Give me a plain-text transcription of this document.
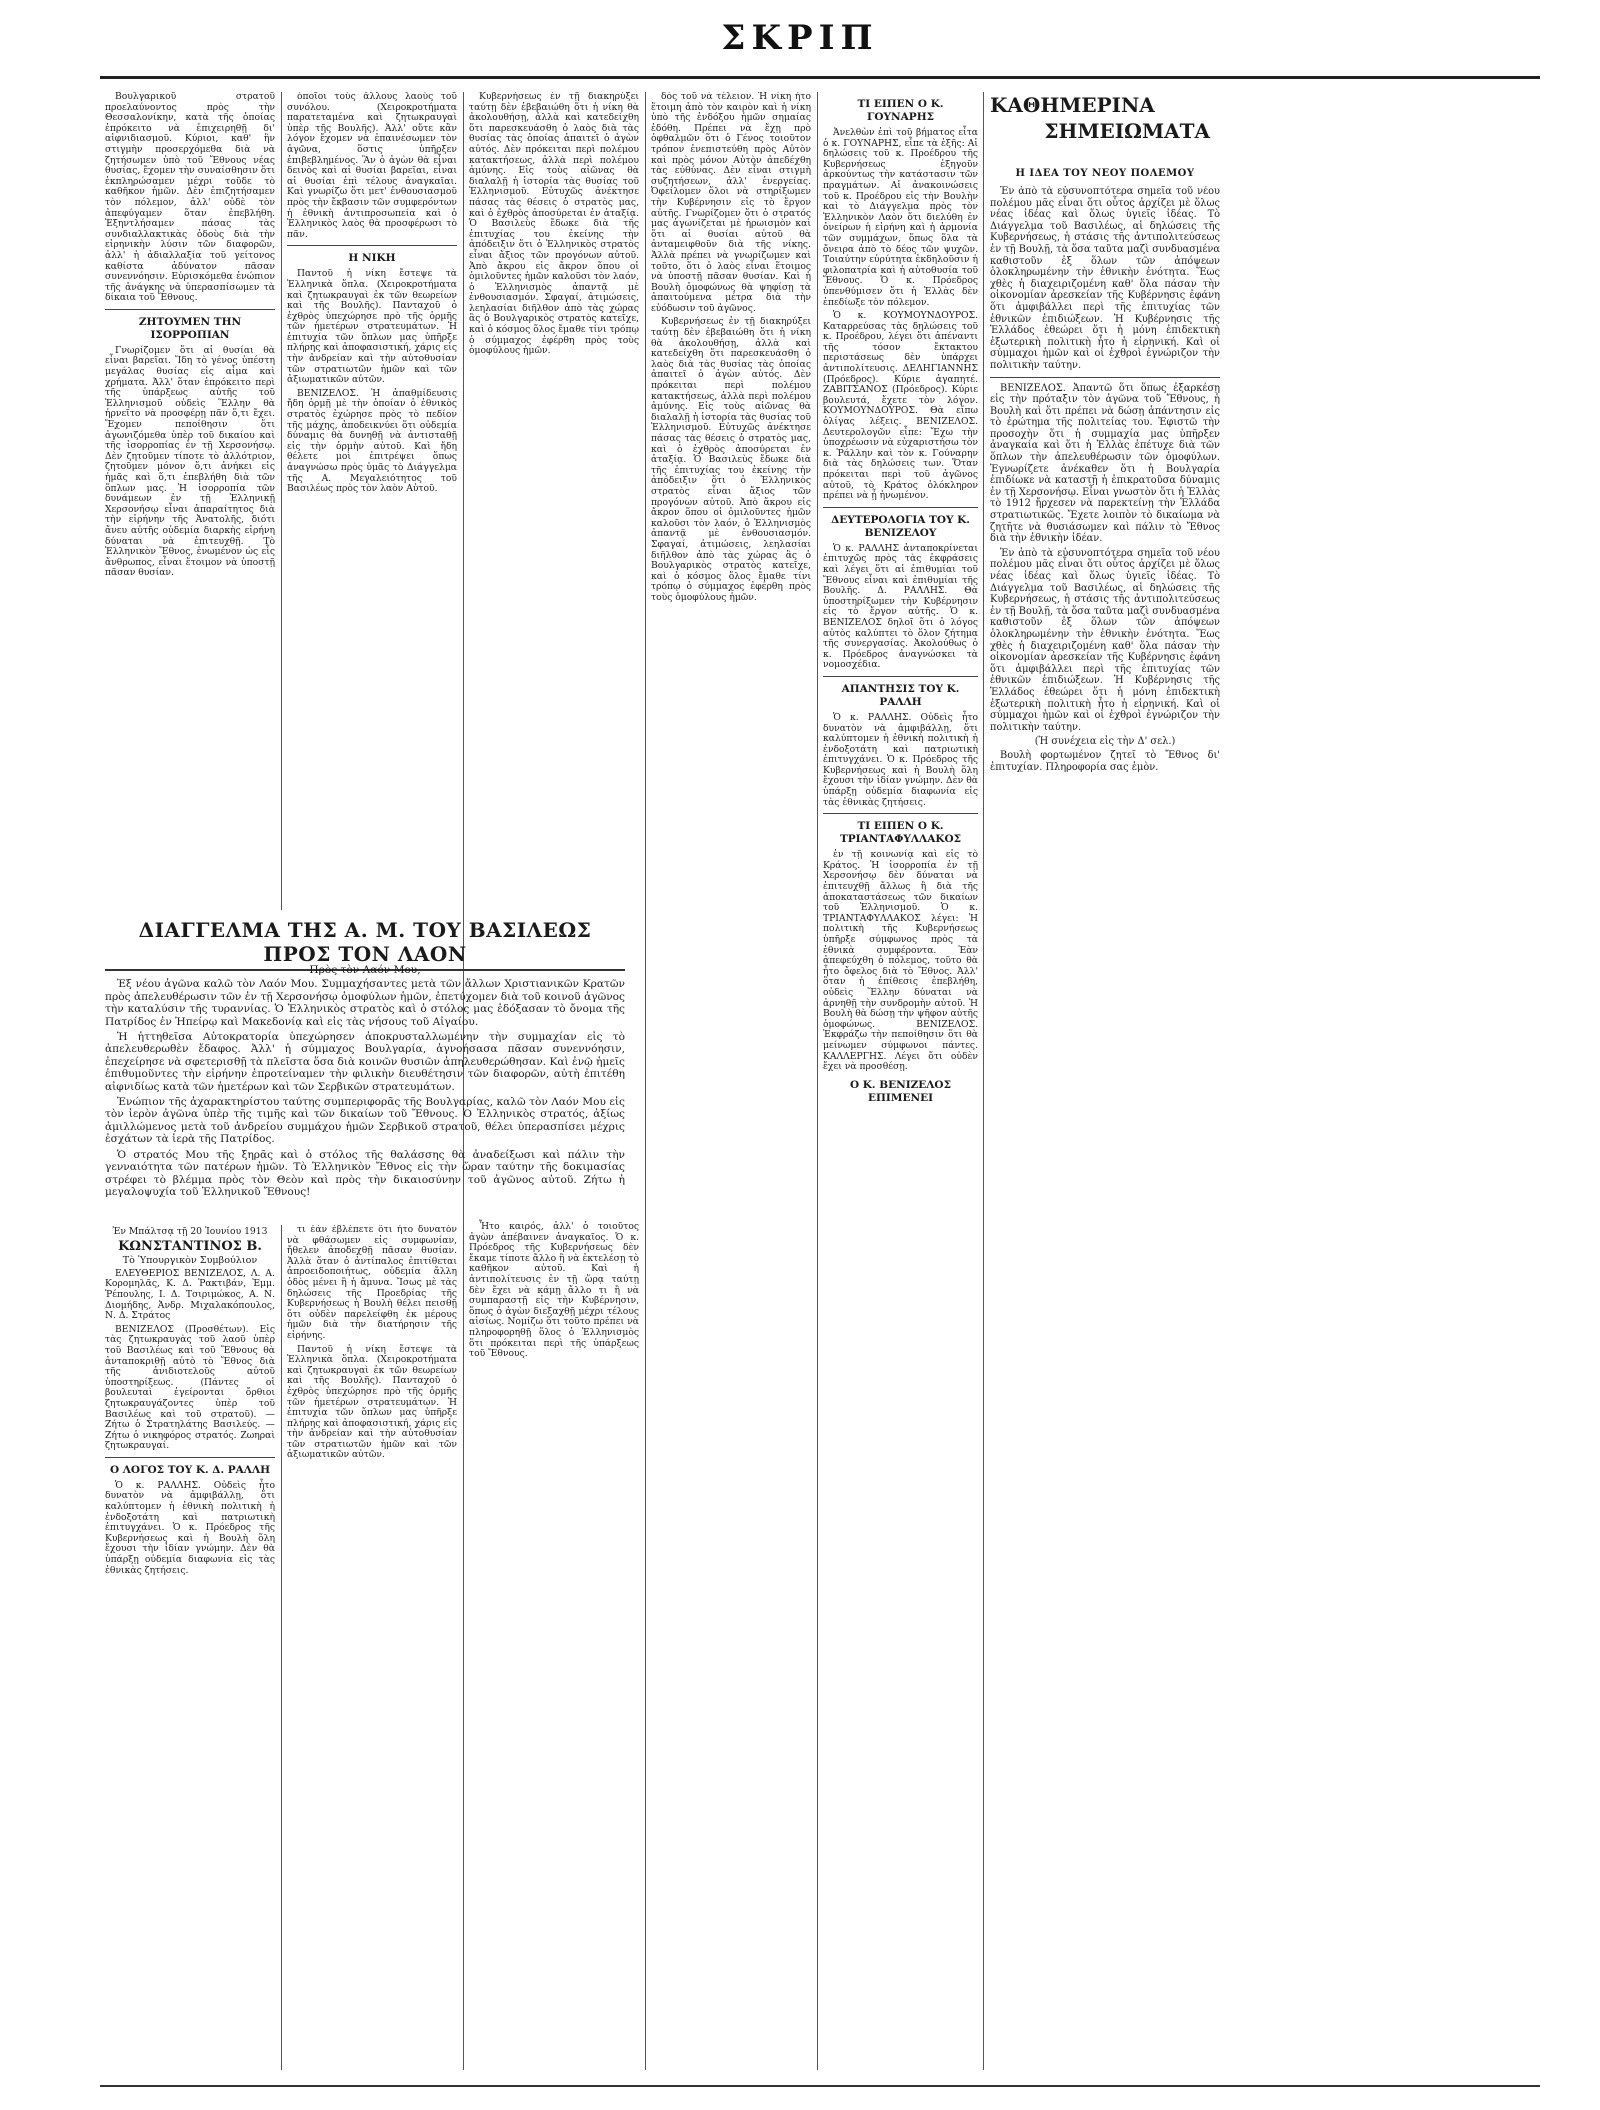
ΣΚΡΙΠ

Βουλγαρικοῦ στρατοῦ προελαύνοντος πρὸς τὴν Θεσσαλονίκην, κατὰ τῆς ὁποίας ἐπρόκειτο νὰ ἐπιχειρηθῇ δι' αἰφνιδιασμοῦ. Κύριοι, καθ' ἣν στιγμὴν προσερχόμεθα διὰ νὰ ζητήσωμεν ὑπὸ τοῦ Ἔθνους νέας θυσίας, ἔχομεν τὴν συναίσθησιν ὅτι ἐκπληρώσαμεν μέχρι τοῦδε τὸ καθῆκον ἡμῶν. Δὲν ἐπιζητήσαμεν τὸν πόλεμον, ἀλλ' οὐδὲ τὸν ἀπεφύγαμεν ὅταν ἐπεβλήθη. Ἐξηντλήσαμεν πάσας τὰς συνδιαλλακτικὰς ὁδοὺς διὰ τὴν εἰρηνικὴν λύσιν τῶν διαφορῶν, ἀλλ' ἡ ἀδιαλλαξία τοῦ γείτονος καθίστα ἀδύνατον πᾶσαν συνεννόησιν. Εὑρισκόμεθα ἐνώπιον τῆς ἀνάγκης νὰ ὑπερασπίσωμεν τὰ δίκαια τοῦ Ἔθνους.

ΖΗΤΟΥΜΕΝ ΤΗΝ ΙΣΟΡΡΟΠΙΑΝ

Γνωρίζομεν ὅτι αἱ θυσίαι θὰ εἶναι βαρεῖαι. Ἴδη τὸ γένος ὑπέστη μεγάλας θυσίας εἰς αἷμα καὶ χρήματα. Ἀλλ' ὅταν ἐπρόκειτο περὶ τῆς ὑπάρξεως αὐτῆς τοῦ Ἑλληνισμοῦ οὐδεὶς Ἕλλην θὰ ἠρνεῖτο νὰ προσφέρῃ πᾶν ὅ,τι ἔχει. Ἔχομεν πεποίθησιν ὅτι ἀγωνιζόμεθα ὑπὲρ τοῦ δικαίου καὶ τῆς ἰσορροπίας ἐν τῇ Χερσονήσῳ. Δὲν ζητοῦμεν τίποτε τὸ ἀλλότριον, ζητοῦμεν μόνον ὅ,τι ἀνήκει εἰς ἡμᾶς καὶ ὅ,τι ἐπεβλήθη διὰ τῶν ὅπλων μας. Ἡ ἰσορροπία τῶν δυνάμεων ἐν τῇ Ἑλληνικῇ Χερσονήσῳ εἶναι ἀπαραίτητος διὰ τὴν εἰρήνην τῆς Ἀνατολῆς, διότι ἄνευ αὐτῆς οὐδεμία διαρκὴς εἰρήνη δύναται νὰ ἐπιτευχθῇ. Τὸ Ἑλληνικὸν Ἔθνος, ἑνωμένον ὡς εἷς ἄνθρωπος, εἶναι ἕτοιμον νὰ ὑποστῇ πᾶσαν θυσίαν.

ὁποῖοι τοὺς ἄλλους λαοὺς τοῦ συνόλου. (Χειροκροτήματα παρατεταμένα καὶ ζητωκραυγαὶ ὑπὲρ τῆς Βουλῆς). Ἀλλ' οὔτε κἂν λόγον ἔχομεν νὰ ἐπαινέσωμεν τὸν ἀγῶνα, ὅστις ὑπῆρξεν ἐπιβεβλημένος. Ἂν ὁ ἀγὼν θὰ εἶναι δεινὸς καὶ αἱ θυσίαι βαρεῖαι, εἶναι αἱ θυσίαι ἐπὶ τέλους ἀναγκαῖαι. Καὶ γνωρίζω ὅτι μετ' ἐνθουσιασμοῦ πρὸς τὴν ἔκβασιν τῶν συμφερόντων ἡ ἐθνικὴ ἀντιπροσωπεία καὶ ὁ Ἑλληνικὸς λαὸς θὰ προσφέρωσι τὸ πᾶν.

Η ΝΙΚΗ

Παντοῦ ἡ νίκη ἔστεψε τὰ Ἑλληνικὰ ὅπλα. (Χειροκροτήματα καὶ ζητωκραυγαὶ ἐκ τῶν θεωρείων καὶ τῆς Βουλῆς). Πανταχοῦ ὁ ἐχθρὸς ὑπεχώρησε πρὸ τῆς ὁρμῆς τῶν ἡμετέρων στρατευμάτων. Ἡ ἐπιτυχία τῶν ὅπλων μας ὑπῆρξε πλήρης καὶ ἀποφασιστική, χάρις εἰς τὴν ἀνδρείαν καὶ τὴν αὐτοθυσίαν τῶν στρατιωτῶν ἡμῶν καὶ τῶν ἀξιωματικῶν αὐτῶν.

ΒΕΝΙΖΕΛΟΣ. Ἡ ἀπαθμίδευσις ἤδη ὁρμῇ μὲ τὴν ὁποίαν ὁ ἐθνικὸς στρατὸς ἐχώρησε πρὸς τὸ πεδίον τῆς μάχης, ἀποδεικνύει ὅτι οὐδεμία δύναμις θὰ δυνηθῇ νὰ ἀντισταθῇ εἰς τὴν ὁρμὴν αὐτοῦ. Καὶ ἤδη θέλετε μοὶ ἐπιτρέψει ὅπως ἀναγνώσω πρὸς ὑμᾶς τὸ Διάγγελμα τῆς Α. Μεγαλειότητος τοῦ Βασιλέως πρὸς τὸν λαὸν Αὐτοῦ.

ΔΙΑΓΓΕΛΜΑ ΤΗΣ Α. Μ. ΤΟΥ ΒΑΣΙΛΕΩΣ ΠΡΟΣ ΤΟΝ ΛΑΟΝ
Πρὸς τὸν Λαόν Μου,

Ἐξ νέου ἀγῶνα καλῶ τὸν Λαόν Μου. Συμμαχήσαντες μετὰ τῶν ἄλλων Χριστιανικῶν Κρατῶν πρὸς ἀπελευθέρωσιν τῶν ἐν τῇ Χερσονήσῳ ὁμοφύλων ἡμῶν, ἐπετύχομεν διὰ τοῦ κοινοῦ ἀγῶνος τὴν καταλύσιν τῆς τυραννίας. Ὁ Ἑλληνικὸς στρατὸς καὶ ὁ στόλος μας ἐδόξασαν τὸ ὄνομα τῆς Πατρίδος ἐν Ἠπείρῳ καὶ Μακεδονίᾳ καὶ εἰς τὰς νήσους τοῦ Αἰγαίου.

Ἡ ἡττηθεῖσα Αὐτοκρατορία ὑπεχώρησεν ἀποκρυσταλλωμένην τὴν συμμαχίαν εἰς τὸ ἀπελευθερωθὲν ἔδαφος. Ἀλλ' ἡ σύμμαχος Βουλγαρία, ἀγνοήσασα πᾶσαν συνεννόησιν, ἐπεχείρησε νὰ σφετερισθῇ τὰ πλεῖστα ὅσα διὰ κοινῶν θυσιῶν ἀπηλευθερώθησαν. Καὶ ἐνῷ ἡμεῖς ἐπιθυμοῦντες τὴν εἰρήνην ἐπροτείναμεν τὴν φιλικὴν διευθέτησιν τῶν διαφορῶν, αὐτὴ ἐπιτέθη αἰφνιδίως κατὰ τῶν ἡμετέρων καὶ τῶν Σερβικῶν στρατευμάτων.

Ἐνώπιον τῆς ἀχαρακτηρίστου ταύτης συμπεριφορᾶς τῆς Βουλγαρίας, καλῶ τὸν Λαόν Μου εἰς τὸν ἱερὸν ἀγῶνα ὑπὲρ τῆς τιμῆς καὶ τῶν δικαίων τοῦ Ἔθνους. Ὁ Ἑλληνικὸς στρατός, ἀξίως ἀμιλλώμενος μετὰ τοῦ ἀνδρείου συμμάχου ἡμῶν Σερβικοῦ στρατοῦ, θέλει ὑπερασπίσει μέχρις ἐσχάτων τὰ ἱερὰ τῆς Πατρίδος.

Ὁ στρατός Μου τῆς ξηρᾶς καὶ ὁ στόλος τῆς θαλάσσης θὰ ἀναδείξωσι καὶ πάλιν τὴν γενναιότητα τῶν πατέρων ἡμῶν. Τὸ Ἑλληνικὸν Ἔθνος εἰς τὴν ὥραν ταύτην τῆς δοκιμασίας στρέφει τὸ βλέμμα πρὸς τὸν Θεὸν καὶ πρὸς τὴν δικαιοσύνην τοῦ ἀγῶνος αὐτοῦ. Ζήτω ἡ μεγαλοψυχία τοῦ Ἑλληνικοῦ Ἔθνους!

Ἐν Μπάλτσᾳ τῇ 20 Ἰουνίου 1913
ΚΩΝΣΤΑΝΤΙΝΟΣ Β.
Τὸ Ὑπουργικὸν Συμβούλιον

ΕΛΕΥΘΕΡΙΟΣ ΒΕΝΙΖΕΛΟΣ, Λ. Α. Κορομηλᾶς, Κ. Δ. Ῥακτιβάν, Ἐμμ. Ῥέπουλης, Ι. Δ. Τσιριμώκος, Α. Ν. Διομήδης, Ἀνδρ. Μιχαλακόπουλος, Ν. Δ. Στράτος

ΒΕΝΙΖΕΛΟΣ (Προσθέτων). Εἰς τὰς ζητωκραυγὰς τοῦ λαοῦ ὑπὲρ τοῦ Βασιλέως καὶ τοῦ Ἔθνους θὰ ἀνταποκριθῇ αὐτὸ τὸ Ἔθνος διὰ τῆς ἀνιδιοτελοῦς αὐτοῦ ὑποστηρίξεως. (Πάντες οἱ βουλευταὶ ἐγείρονται ὄρθιοι ζητωκραυγάζοντες ὑπὲρ τοῦ Βασιλέως καὶ τοῦ στρατοῦ). — Ζήτω ὁ Στρατηλάτης Βασιλεύς. — Ζήτω ὁ νικηφόρος στρατός. Ζωηραὶ ζητωκραυγαί.

Ο ΛΟΓΟΣ ΤΟΥ Κ. Δ. ΡΑΛΛΗ

Ὁ κ. ΡΑΛΛΗΣ. Οὐδεὶς ἦτο δυνατὸν νὰ ἀμφιβάλλῃ, ὅτι καλύπτομεν ἡ ἐθνικὴ πολιτικὴ ἡ ἐνδοξοτάτη καὶ πατριωτικὴ ἐπιτυγχάνει. Ὁ κ. Πρόεδρος τῆς Κυβερνήσεως καὶ ἡ Βουλὴ ὅλη ἔχουσι τὴν ἰδίαν γνώμην. Δὲν θὰ ὑπάρξῃ οὐδεμία διαφωνία εἰς τὰς ἐθνικὰς ζητήσεις.

τι ἐάν ἐβλέπετε ὅτι ἦτο δυνατὸν νὰ φθάσωμεν εἰς συμφωνίαν, ἤθελεν ἀποδεχθῇ πᾶσαν θυσίαν. Ἀλλὰ ὅταν ὁ ἀντίπαλος ἐπιτίθεται ἀπροειδοποιήτως, οὐδεμία ἄλλη ὁδὸς μένει ἢ ἡ ἄμυνα. Ἴσως μὲ τὰς δηλώσεις τῆς Προεδρίας τῆς Κυβερνήσεως ἡ Βουλὴ θέλει πεισθῇ ὅτι οὐδὲν παρελείφθη ἐκ μέρους ἡμῶν διὰ τὴν διατήρησιν τῆς εἰρήνης.

Παντοῦ ἡ νίκη ἔστεψε τὰ Ἑλληνικὰ ὅπλα. (Χειροκροτήματα καὶ ζητωκραυγαὶ ἐκ τῶν θεωρείων καὶ τῆς Βουλῆς). Πανταχοῦ ὁ ἐχθρὸς ὑπεχώρησε πρὸ τῆς ὁρμῆς τῶν ἡμετέρων στρατευμάτων. Ἡ ἐπιτυχία τῶν ὅπλων μας ὑπῆρξε πλήρης καὶ ἀποφασιστική, χάρις εἰς τὴν ἀνδρείαν καὶ τὴν αὐτοθυσίαν τῶν στρατιωτῶν ἡμῶν καὶ τῶν ἀξιωματικῶν αὐτῶν.

Κυβερνήσεως ἐν τῇ διακηρύξει ταύτῃ δὲν ἐβεβαιώθη ὅτι ἡ νίκη θὰ ἀκολουθήσῃ, ἀλλὰ καὶ κατεδείχθη ὅτι παρεσκευάσθη ὁ λαὸς διὰ τὰς θυσίας τὰς ὁποίας ἀπαιτεῖ ὁ ἀγὼν αὐτός. Δὲν πρόκειται περὶ πολέμου κατακτήσεως, ἀλλὰ περὶ πολέμου ἀμύνης. Εἰς τοὺς αἰῶνας θὰ διαλαλῇ ἡ ἱστορία τὰς θυσίας τοῦ Ἑλληνισμοῦ. Εὐτυχῶς ἀνέκτησε πάσας τὰς θέσεις ὁ στρατὸς μας, καὶ ὁ ἐχθρὸς ἀποσύρεται ἐν ἀταξίᾳ. Ὁ Βασιλεὺς ἔδωκε διὰ τῆς ἐπιτυχίας του ἐκείνης τὴν ἀπόδειξιν ὅτι ὁ Ἑλληνικὸς στρατὸς εἶναι ἄξιος τῶν προγόνων αὐτοῦ. Ἀπὸ ἄκρου εἰς ἄκρον ὅπου οἱ ὁμιλοῦντες ἡμῶν καλοῦσι τὸν λαόν, ὁ Ἑλληνισμὸς ἀπαντᾷ μὲ ἐνθουσιασμόν. Σφαγαί, ἀτιμώσεις, λεηλασίαι διῆλθον ἀπὸ τὰς χώρας ἃς ὁ Βουλγαρικὸς στρατὸς κατεῖχε, καὶ ὁ κόσμος ὅλος ἔμαθε τίνι τρόπῳ ὁ σύμμαχος ἐφέρθη πρὸς τοὺς ὁμοφύλους ἡμῶν.

Ἦτο καιρός, ἀλλ' ὁ τοιοῦτος ἀγὼν ἀπέβαινεν ἀναγκαῖος. Ὁ κ. Πρόεδρος τῆς Κυβερνήσεως δὲν ἔκαμε τίποτε ἄλλο ἢ νὰ ἐκτελέσῃ τὸ καθῆκον αὐτοῦ. Καὶ ἡ ἀντιπολίτευσις ἐν τῇ ὥρᾳ ταύτῃ δὲν ἔχει νὰ κάμῃ ἄλλο τι ἢ νὰ συμπαραστῇ εἰς τὴν Κυβέρνησιν, ὅπως ὁ ἀγὼν διεξαχθῇ μέχρι τέλους αἰσίως. Νομίζω ὅτι τοῦτο πρέπει νὰ πληροφορηθῇ ὅλος ὁ Ἑλληνισμὸς ὅτι πρόκειται περὶ τῆς ὑπάρξεως τοῦ Ἔθνους.

δὸς τοῦ νὰ τέλειον. Ἡ νίκη ἦτο ἕτοιμη ἀπὸ τὸν καιρὸν καὶ ἡ νίκη ὑπὸ τῆς ἐνδόξου ἡμῶν σημαίας ἐδόθη. Πρέπει νὰ ἔχῃ πρὸ ὀφθαλμῶν ὅτι ὁ Γένος τοιοῦτον τρόπον ἐνεπιστεύθη πρὸς Αὐτὸν καὶ πρὸς μόνον Αὐτὸν ἀπεδέχθη τὰς εὐθύνας. Δὲν εἶναι στιγμὴ συζητήσεων, ἀλλ' ἐνεργείας. Ὀφείλομεν ὅλοι νὰ στηρίξωμεν τὴν Κυβέρνησιν εἰς τὸ ἔργον αὐτῆς. Γνωρίζομεν ὅτι ὁ στρατός μας ἀγωνίζεται μὲ ἡρωισμὸν καὶ ὅτι αἱ θυσίαι αὐτοῦ θὰ ἀνταμειφθοῦν διὰ τῆς νίκης. Ἀλλὰ πρέπει νὰ γνωρίζωμεν καὶ τοῦτο, ὅτι ὁ λαὸς εἶναι ἕτοιμος νὰ ὑποστῇ πᾶσαν θυσίαν. Καὶ ἡ Βουλὴ ὁμοφώνως θὰ ψηφίσῃ τὰ ἀπαιτούμενα μέτρα διὰ τὴν εὐόδωσιν τοῦ ἀγῶνος.

Κυβερνήσεως ἐν τῇ διακηρύξει ταύτῃ δὲν ἐβεβαιώθη ὅτι ἡ νίκη θὰ ἀκολουθήσῃ, ἀλλὰ καὶ κατεδείχθη ὅτι παρεσκευάσθη ὁ λαὸς διὰ τὰς θυσίας τὰς ὁποίας ἀπαιτεῖ ὁ ἀγὼν αὐτός. Δὲν πρόκειται περὶ πολέμου κατακτήσεως, ἀλλὰ περὶ πολέμου ἀμύνης. Εἰς τοὺς αἰῶνας θὰ διαλαλῇ ἡ ἱστορία τὰς θυσίας τοῦ Ἑλληνισμοῦ. Εὐτυχῶς ἀνέκτησε πάσας τὰς θέσεις ὁ στρατὸς μας, καὶ ὁ ἐχθρὸς ἀποσύρεται ἐν ἀταξίᾳ. Ὁ Βασιλεὺς ἔδωκε διὰ τῆς ἐπιτυχίας του ἐκείνης τὴν ἀπόδειξιν ὅτι ὁ Ἑλληνικὸς στρατὸς εἶναι ἄξιος τῶν προγόνων αὐτοῦ. Ἀπὸ ἄκρου εἰς ἄκρον ὅπου οἱ ὁμιλοῦντες ἡμῶν καλοῦσι τὸν λαόν, ὁ Ἑλληνισμὸς ἀπαντᾷ μὲ ἐνθουσιασμόν. Σφαγαί, ἀτιμώσεις, λεηλασίαι διῆλθον ἀπὸ τὰς χώρας ἃς ὁ Βουλγαρικὸς στρατὸς κατεῖχε, καὶ ὁ κόσμος ὅλος ἔμαθε τίνι τρόπῳ ὁ σύμμαχος ἐφέρθη πρὸς τοὺς ὁμοφύλους ἡμῶν.

ΤΙ ΕΙΠΕΝ Ο Κ. ΓΟΥΝΑΡΗΣ

Ἀνελθὼν ἐπὶ τοῦ βήματος εἶτα ὁ κ. ΓΟΥΝΑΡΗΣ, εἶπε τὰ ἑξῆς: Αἱ δηλώσεις τοῦ κ. Προέδρου τῆς Κυβερνήσεως ἐξηγοῦν ἀρκούντως τὴν κατάστασιν τῶν πραγμάτων. Αἱ ἀνακοινώσεις τοῦ κ. Προέδρου εἰς τὴν Βουλὴν καὶ τὸ Διάγγελμα πρὸς τὸν Ἑλληνικὸν Λαὸν ὅτι διελύθη ἐν ὀνείρων ἡ εἰρήνη καὶ ἡ ἀρμονία τῶν συμμάχων, ὅπως ὅλα τὰ ὄνειρα ἀπὸ τὸ δέος τῶν ψυχῶν. Τοιαύτην εὐρύτητα ἐκδηλοῦσιν ἡ φιλοπατρία καὶ ἡ αὐτοθυσία τοῦ Ἔθνους. Ὁ κ. Πρόεδρος ὑπενθύμισεν ὅτι ἡ Ἑλλὰς δὲν ἐπεδίωξε τὸν πόλεμον.

Ὁ κ. ΚΟΥΜΟΥΝΔΟΥΡΟΣ. Καταρρεύσας τὰς δηλώσεις τοῦ κ. Προέδρου, λέγει ὅτι ἀπέναντι τῆς τόσον ἔκτακτου περιστάσεως δὲν ὑπάρχει ἀντιπολίτευσις. ΔΕΛΗΓΙΑΝΝΗΣ (Πρόεδρος). Κύριε ἀγαπητέ. ΖΑΒΙΤΣΑΝΟΣ (Πρόεδρος). Κύριε βουλευτά, ἔχετε τὸν λόγον. ΚΟΥΜΟΥΝΔΟΥΡΟΣ. Θὰ εἴπω ὀλίγας λέξεις. ΒΕΝΙΖΕΛΟΣ. Δευτερολογῶν εἶπε: Ἔχω τὴν ὑποχρέωσιν νὰ εὐχαριστήσω τὸν κ. Ῥάλλην καὶ τὸν κ. Γούναρην διὰ τὰς δηλώσεις των. Ὅταν πρόκειται περὶ τοῦ ἀγῶνος αὐτοῦ, τὸ Κράτος ὁλόκληρον πρέπει νὰ ᾖ ἡνωμένον.

ΔΕΥΤΕΡΟΛΟΓΙΑ ΤΟΥ Κ. ΒΕΝΙΖΕΛΟΥ

Ὁ κ. ΡΑΛΛΗΣ ἀνταποκρίνεται ἐπιτυχῶς πρὸς τὰς ἐκφράσεις καὶ λέγει ὅτι αἱ ἐπιθυμίαι τοῦ Ἔθνους εἶναι καὶ ἐπιθυμίαι τῆς Βουλῆς. Δ. ΡΑΛΛΗΣ. Θὰ ὑποστηρίξωμεν τὴν Κυβέρνησιν εἰς τὸ ἔργον αὐτῆς. Ὁ κ. ΒΕΝΙΖΕΛΟΣ δηλοῖ ὅτι ὁ λόγος αὐτὸς καλύπτει τὸ ὅλον ζήτημα τῆς συνεργασίας. Ἀκολούθως ὁ κ. Πρόεδρος ἀναγνώσκει τὰ νομοσχέδια.

ΑΠΑΝΤΗΣΙΣ ΤΟΥ Κ. ΡΑΛΛΗ

Ὁ κ. ΡΑΛΛΗΣ. Οὐδεὶς ἦτο δυνατὸν νὰ ἀμφιβάλλῃ, ὅτι καλύπτομεν ἡ ἐθνικὴ πολιτικὴ ἡ ἐνδοξοτάτη καὶ πατριωτικὴ ἐπιτυγχάνει. Ὁ κ. Πρόεδρος τῆς Κυβερνήσεως καὶ ἡ Βουλὴ ὅλη ἔχουσι τὴν ἰδίαν γνώμην. Δὲν θὰ ὑπάρξῃ οὐδεμία διαφωνία εἰς τὰς ἐθνικὰς ζητήσεις.

ΤΙ ΕΙΠΕΝ Ο Κ. ΤΡΙΑΝΤΑΦΥΛΛΑΚΟΣ

ἐν τῇ κοινωνίᾳ καὶ εἰς τὸ Κράτος. Ἡ ἰσορροπία ἐν τῇ Χερσονήσῳ δὲν δύναται νὰ ἐπιτευχθῇ ἄλλως ἢ διὰ τῆς ἀποκαταστάσεως τῶν δικαίων τοῦ Ἑλληνισμοῦ. Ὁ κ. ΤΡΙΑΝΤΑΦΥΛΛΑΚΟΣ λέγει: Ἡ πολιτικὴ τῆς Κυβερνήσεως ὑπῆρξε σύμφωνος πρὸς τὰ ἐθνικὰ συμφέροντα. Ἐὰν ἀπεφεύχθη ὁ πόλεμος, τοῦτο θὰ ἦτο ὄφελος διὰ τὸ Ἔθνος. Ἀλλ' ὅταν ἡ ἐπίθεσις ἐπεβλήθη, οὐδεὶς Ἕλλην δύναται νὰ ἀρνηθῇ τὴν συνδρομὴν αὐτοῦ. Ἡ Βουλὴ θὰ δώσῃ τὴν ψῆφον αὐτῆς ὁμοφώνως. ΒΕΝΙΖΕΛΟΣ. Ἐκφράζω τὴν πεποίθησιν ὅτι θὰ μείνωμεν σύμφωνοι πάντες. ΚΑΛΛΕΡΓΗΣ. Λέγει ὅτι οὐδὲν ἔχει νὰ προσθέσῃ.

Ο Κ. ΒΕΝΙΖΕΛΟΣ ΕΠΙΜΕΝΕΙ
ΚΑΘΗΜΕΡΙΝΑ
ΣΗΜΕΙΩΜΑΤΑ
Η ΙΔΕΑ ΤΟΥ ΝΕΟΥ ΠΟΛΕΜΟΥ

Ἐν ἀπὸ τὰ εὐσυνοπτότερα σημεῖα τοῦ νέου πολέμου μᾶς εἶναι ὅτι οὗτος ἀρχίζει μὲ ὅλως νέας ἰδέας καὶ ὅλως ὑγιεῖς ἰδέας. Τὸ Διάγγελμα τοῦ Βασιλέως, αἱ δηλώσεις τῆς Κυβερνήσεως, ἡ στάσις τῆς ἀντιπολιτεύσεως ἐν τῇ Βουλῇ, τὰ ὅσα ταῦτα μαζὶ συνδυασμένα καθιστοῦν ἐξ ὅλων τῶν ἀπόψεων ὁλοκληρωμένην τὴν ἐθνικὴν ἐνότητα. Ἕως χθὲς ἡ διαχειριζομένη καθ' ὅλα πάσαν τὴν οἰκονομίαν ἀρεσκείαν τῆς Κυβέρνησις ἐφάνη ὅτι ἀμφιβάλλει περὶ τῆς ἐπιτυχίας τῶν ἐθνικῶν ἐπιδιώξεων. Ἡ Κυβέρνησις τῆς Ἑλλάδος ἐθεώρει ὅτι ἡ μόνη ἐπιδεκτικὴ ἐξωτερικὴ πολιτικὴ ἦτο ἡ εἰρηνική. Καὶ οἱ σύμμαχοι ἡμῶν καὶ οἱ ἐχθροὶ ἐγνώριζον τὴν πολιτικὴν ταύτην.

ΒΕΝΙΖΕΛΟΣ. Ἀπαντῶ ὅτι ὅπως ἐξαρκέσῃ εἰς τὴν πρόταξιν τὸν ἀγῶνα τοῦ Ἔθνους, ἡ Βουλὴ καὶ ὅτι πρέπει νὰ δώσῃ ἀπάντησιν εἰς τὸ ἐρώτημα τῆς πολιτείας του. Ἐφιστῶ τὴν προσοχὴν ὅτι ἡ συμμαχία μας ὑπῆρξεν ἀναγκαία καὶ ὅτι ἡ Ἑλλὰς ἐπέτυχε διὰ τῶν ὅπλων τὴν ἀπελευθέρωσιν τῶν ὁμοφύλων. Ἐγνωρίζετε ἀνέκαθεν ὅτι ἡ Βουλγαρία ἐπιδίωκε νὰ καταστῇ ἡ ἐπικρατοῦσα δύναμις ἐν τῇ Χερσονήσῳ. Εἶναι γνωστὸν ὅτι ἡ Ἑλλὰς τὸ 1912 ἤρχεσεν νὰ παρεκτείνῃ τὴν Ἑλλάδα στρατιωτικῶς. Ἔχετε λοιπὸν τὸ δικαίωμα νὰ ζητῆτε νὰ θυσιάσωμεν καὶ πάλιν τὸ Ἔθνος διὰ τὴν ἐθνικὴν ἰδέαν.

Ἐν ἀπὸ τὰ εὐσυνοπτότερα σημεῖα τοῦ νέου πολέμου μᾶς εἶναι ὅτι οὗτος ἀρχίζει μὲ ὅλως νέας ἰδέας καὶ ὅλως ὑγιεῖς ἰδέας. Τὸ Διάγγελμα τοῦ Βασιλέως, αἱ δηλώσεις τῆς Κυβερνήσεως, ἡ στάσις τῆς ἀντιπολιτεύσεως ἐν τῇ Βουλῇ, τὰ ὅσα ταῦτα μαζὶ συνδυασμένα καθιστοῦν ἐξ ὅλων τῶν ἀπόψεων ὁλοκληρωμένην τὴν ἐθνικὴν ἐνότητα. Ἕως χθὲς ἡ διαχειριζομένη καθ' ὅλα πάσαν τὴν οἰκονομίαν ἀρεσκείαν τῆς Κυβέρνησις ἐφάνη ὅτι ἀμφιβάλλει περὶ τῆς ἐπιτυχίας τῶν ἐθνικῶν ἐπιδιώξεων. Ἡ Κυβέρνησις τῆς Ἑλλάδος ἐθεώρει ὅτι ἡ μόνη ἐπιδεκτικὴ ἐξωτερικὴ πολιτικὴ ἦτο ἡ εἰρηνική. Καὶ οἱ σύμμαχοι ἡμῶν καὶ οἱ ἐχθροὶ ἐγνώριζον τὴν πολιτικὴν ταύτην.

(Ἡ συνέχεια εἰς τὴν Δ' σελ.)

Βουλὴ φορτωμένον ζητεῖ τὸ Ἔθνος δι' ἐπιτυχίαν. Πληροφορία σας ἐμὸν.
